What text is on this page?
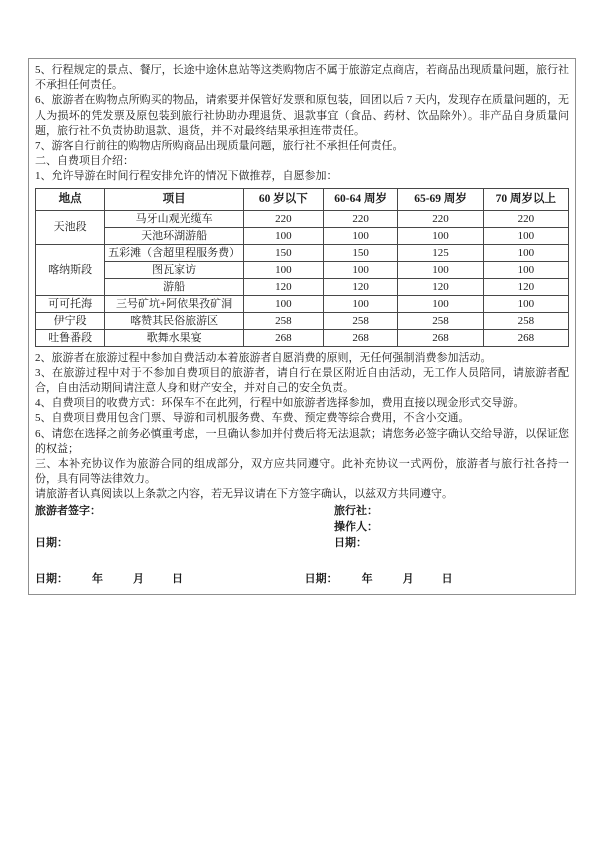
5、行程规定的景点、餐厅，长途中途休息站等这类购物店不属于旅游定点商店，若商品出现质量问题，旅行社不承担任何责任。

6、旅游者在购物点所购买的物品，请索要并保管好发票和原包装，回团以后 7 天内，发现存在质量问题的，无人为损坏的凭发票及原包装到旅行社协助办理退货、退款事宜（食品、药材、饮品除外）。非产品自身质量问题，旅行社不负责协助退款、退货，并不对最终结果承担连带责任。

7、游客自行前往的购物店所购商品出现质量问题，旅行社不承担任何责任。

二、自费项目介绍：

1、允许导游在时间行程安排允许的情况下做推荐，自愿参加：

地点	项目	60 岁以下	60-64 周岁	65-69 周岁	70 周岁以上
天池段	马牙山观光缆车	220	220	220	220
	天池环湖游船	100	100	100	100
喀纳斯段	五彩滩（含超里程服务费）	150	150	125	100
	图瓦家访	100	100	100	100
	游船	120	120	120	120
可可托海	三号矿坑+阿依果孜矿洞	100	100	100	100
伊宁段	喀赞其民俗旅游区	258	258	258	258
吐鲁番段	歌舞水果宴	268	268	268	268

2、旅游者在旅游过程中参加自费活动本着旅游者自愿消费的原则，无任何强制消费参加活动。

3、在旅游过程中对于不参加自费项目的旅游者，请自行在景区附近自由活动，无工作人员陪同，请旅游者配合，自由活动期间请注意人身和财产安全，并对自己的安全负责。

4、自费项目的收费方式：环保车不在此列，行程中如旅游者选择参加，费用直接以现金形式交导游。

5、自费项目费用包含门票、导游和司机服务费、车费、预定费等综合费用，不含小交通。

6、请您在选择之前务必慎重考虑，一旦确认参加并付费后将无法退款；请您务必签字确认交给导游，以保证您的权益；

三、本补充协议作为旅游合同的组成部分，双方应共同遵守。此补充协议一式两份，旅游者与旅行社各持一份，具有同等法律效力。

请旅游者认真阅读以上条款之内容，若无异议请在下方签字确认，以兹双方共同遵守。

旅游者签字：	旅行社：
操作人：
日期：	日期：
日期： 年	月	日	日期： 年	月	日
